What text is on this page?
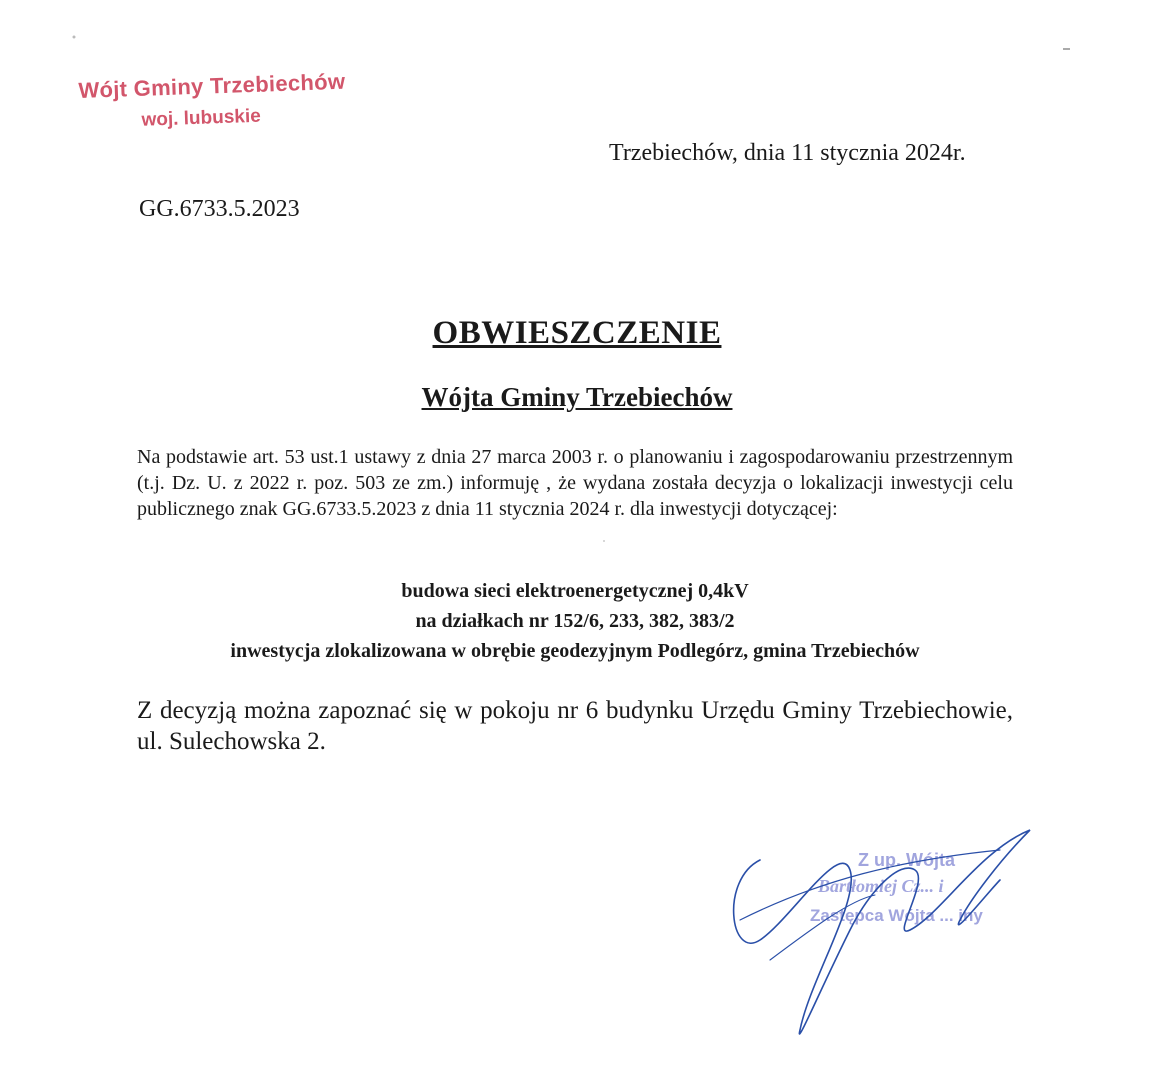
Wójt Gminy Trzebiechów
woj. lubuskie
Trzebiechów, dnia 11 stycznia 2024r.
GG.6733.5.2023
OBWIESZCZENIE
Wójta Gminy Trzebiechów

Na podstawie art. 53 ust.1 ustawy z dnia 27 marca 2003 r. o planowaniu i zagospodarowaniu przestrzennym (t.j. Dz. U. z 2022 r. poz. 503 ze zm.) informuję , że wydana została decyzja o lokalizacji inwestycji celu publicznego znak GG.6733.5.2023 z dnia 11 stycznia 2024 r. dla inwestycji dotyczącej:

budowa sieci elektroenergetycznej 0,4kV
na działkach nr 152/6, 233, 382, 383/2
inwestycja zlokalizowana w obrębie geodezyjnym Podlegórz, gmina Trzebiechów

Z decyzją można zapoznać się w pokoju nr 6 budynku Urzędu Gminy Trzebiechowie, ul. Sulechowska 2.

Z up. Wójta
Bartłomiej Cz... i
Zastępca Wójta ... iny
